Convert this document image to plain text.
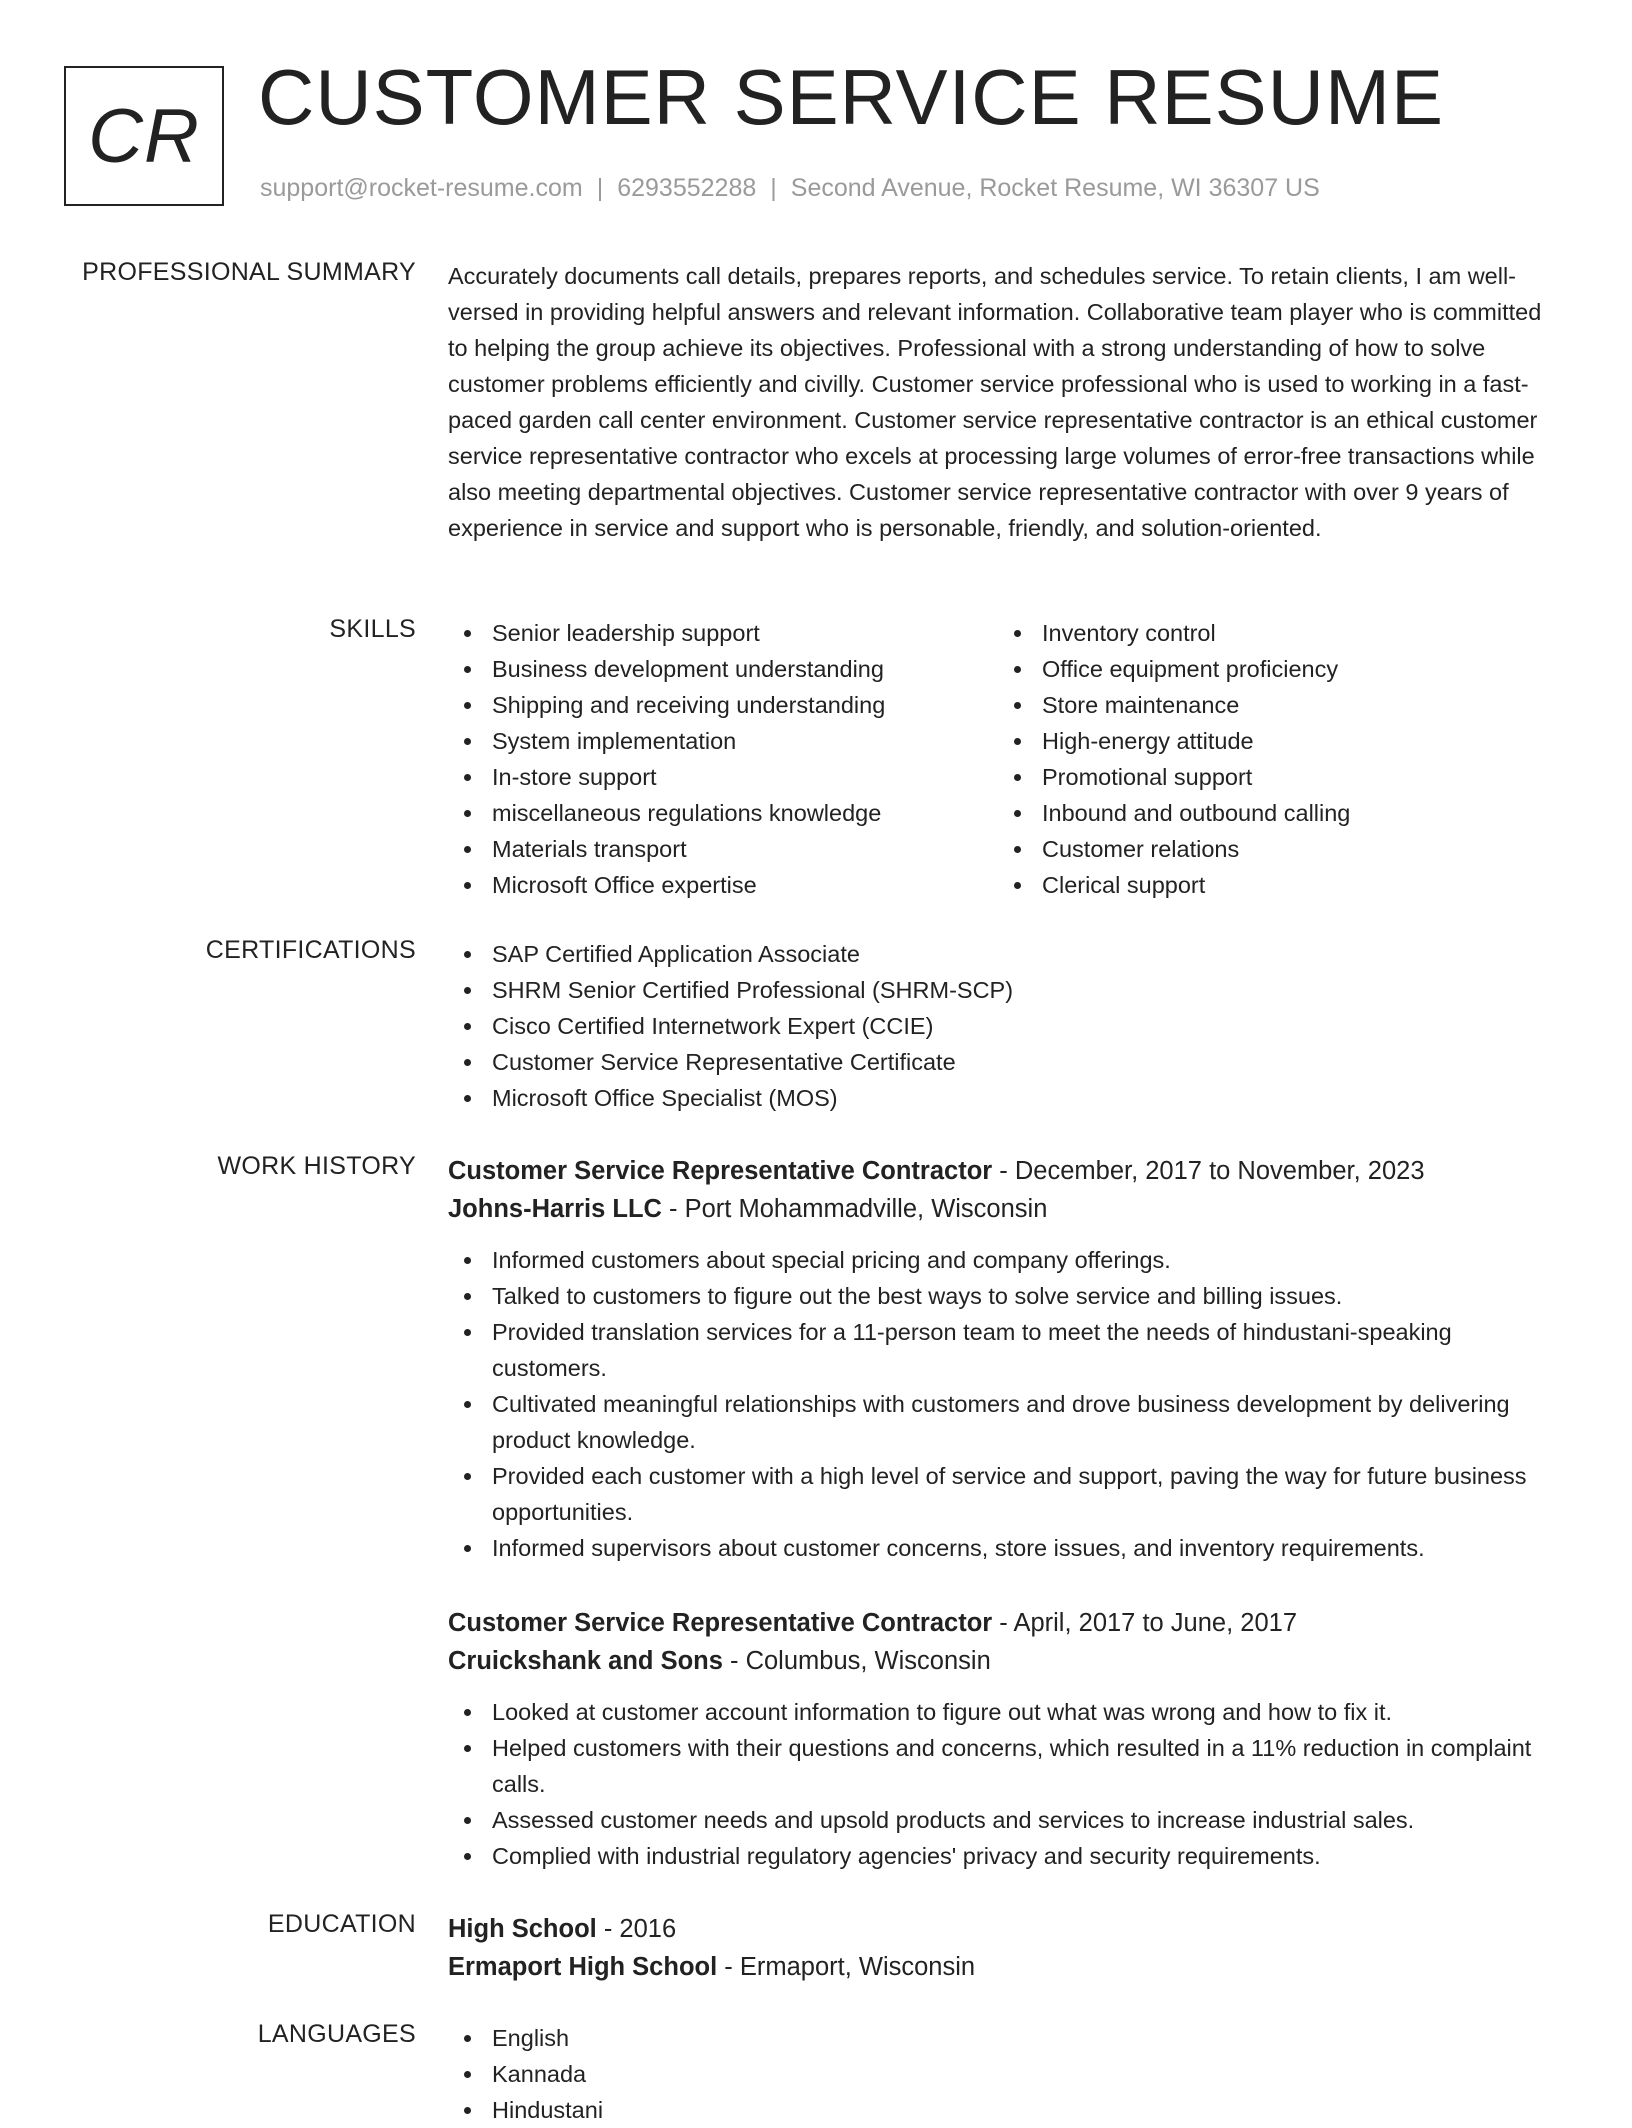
CR CUSTOMER SERVICE RESUME
support@rocket-resume.com | 6293552288 | Second Avenue, Rocket Resume, WI 36307 US
PROFESSIONAL SUMMARY Accurately documents call details, prepares reports, and schedules service. To retain clients, I am well-versed in providing helpful answers and relevant information. Collaborative team player who is committed to helping the group achieve its objectives. Professional with a strong understanding of how to solve customer problems efficiently and civilly. Customer service professional who is used to working in a fast-paced garden call center environment. Customer service representative contractor is an ethical customer service representative contractor who excels at processing large volumes of error-free transactions while also meeting departmental objectives. Customer service representative contractor with over 9 years of experience in service and support who is personable, friendly, and solution-oriented.
SKILLS	Senior leadership support
Business development understanding
Shipping and receiving understanding
System implementation
In-store support
miscellaneous regulations knowledge
Materials transport
Microsoft Office expertise
Inventory control
Office equipment proficiency
Store maintenance
High-energy attitude
Promotional support
Inbound and outbound calling
Customer relations
Clerical support
CERTIFICATIONS	SAP Certified Application Associate
SHRM Senior Certified Professional (SHRM-SCP)
Cisco Certified Internetwork Expert (CCIE)
Customer Service Representative Certificate
Microsoft Office Specialist (MOS)
WORK HISTORY Customer Service Representative Contractor - December, 2017 to November, 2023
Johns-Harris LLC - Port Mohammadville, Wisconsin
Informed customers about special pricing and company offerings.
Talked to customers to figure out the best ways to solve service and billing issues.
Provided translation services for a 11-person team to meet the needs of hindustani-speaking customers.
Cultivated meaningful relationships with customers and drove business development by delivering product knowledge.
Provided each customer with a high level of service and support, paving the way for future business opportunities.
Informed supervisors about customer concerns, store issues, and inventory requirements.
Customer Service Representative Contractor - April, 2017 to June, 2017
Cruickshank and Sons - Columbus, Wisconsin
Looked at customer account information to figure out what was wrong and how to fix it.
Helped customers with their questions and concerns, which resulted in a 11% reduction in complaint calls.
Assessed customer needs and upsold products and services to increase industrial sales.
Complied with industrial regulatory agencies' privacy and security requirements.
EDUCATION High School - 2016
Ermaport High School - Ermaport, Wisconsin
LANGUAGES	English
Kannada
Hindustani
